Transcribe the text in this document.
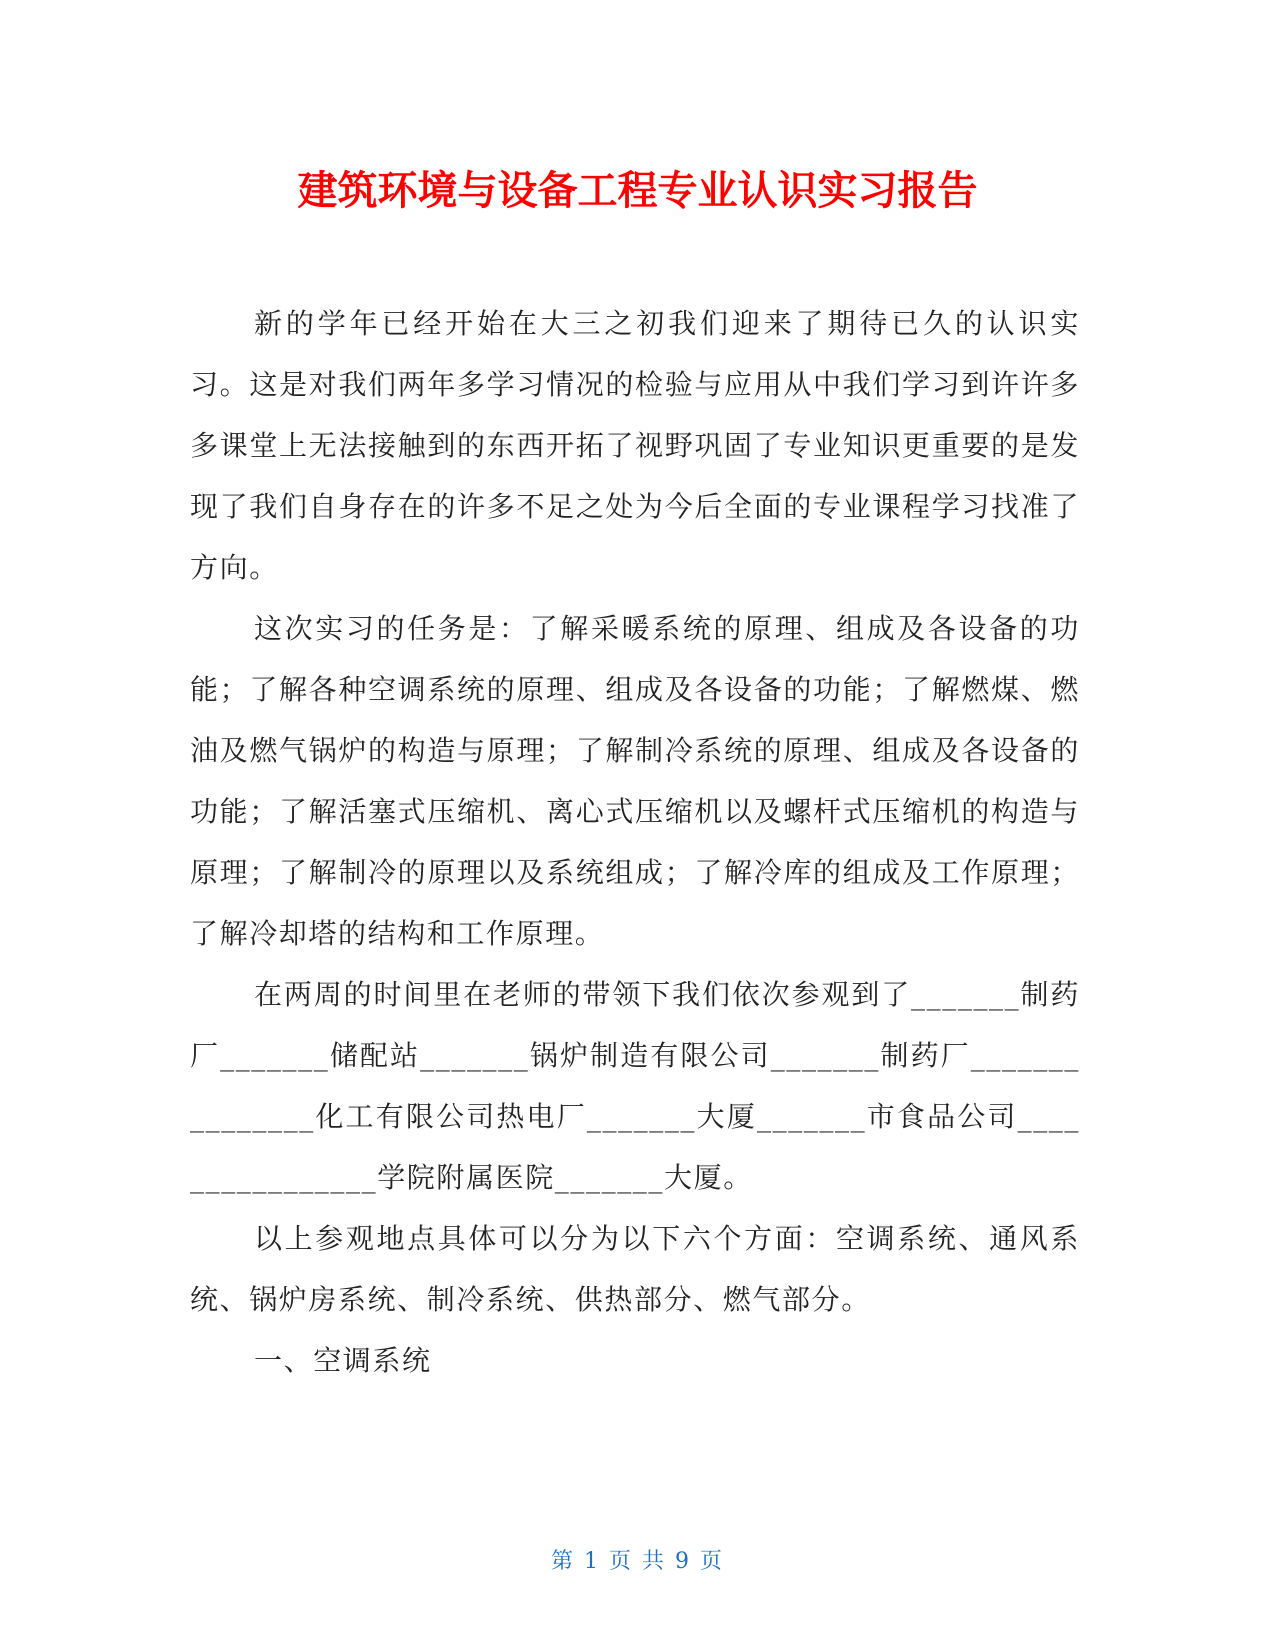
建筑环境与设备工程专业认识实习报告

新的学年已经开始在大三之初我们迎来了期待已久的认识实习。这是对我们两年多学习情况的检验与应用从中我们学习到许许多多课堂上无法接触到的东西开拓了视野巩固了专业知识更重要的是发现了我们自身存在的许多不足之处为今后全面的专业课程学习找准了方向。

这次实习的任务是：了解采暖系统的原理、组成及各设备的功能；了解各种空调系统的原理、组成及各设备的功能；了解燃煤、燃油及燃气锅炉的构造与原理；了解制冷系统的原理、组成及各设备的功能；了解活塞式压缩机、离心式压缩机以及螺杆式压缩机的构造与原理；了解制冷的原理以及系统组成；了解冷库的组成及工作原理；了解冷却塔的结构和工作原理。

在两周的时间里在老师的带领下我们依次参观到了_______制药厂_______储配站_______锅炉制造有限公司_______制药厂_______________化工有限公司热电厂_______大厦_______市食品公司________________学院附属医院_______大厦。

以上参观地点具体可以分为以下六个方面：空调系统、通风系统、锅炉房系统、制冷系统、供热部分、燃气部分。

一、空调系统

第 1 页 共 9 页
